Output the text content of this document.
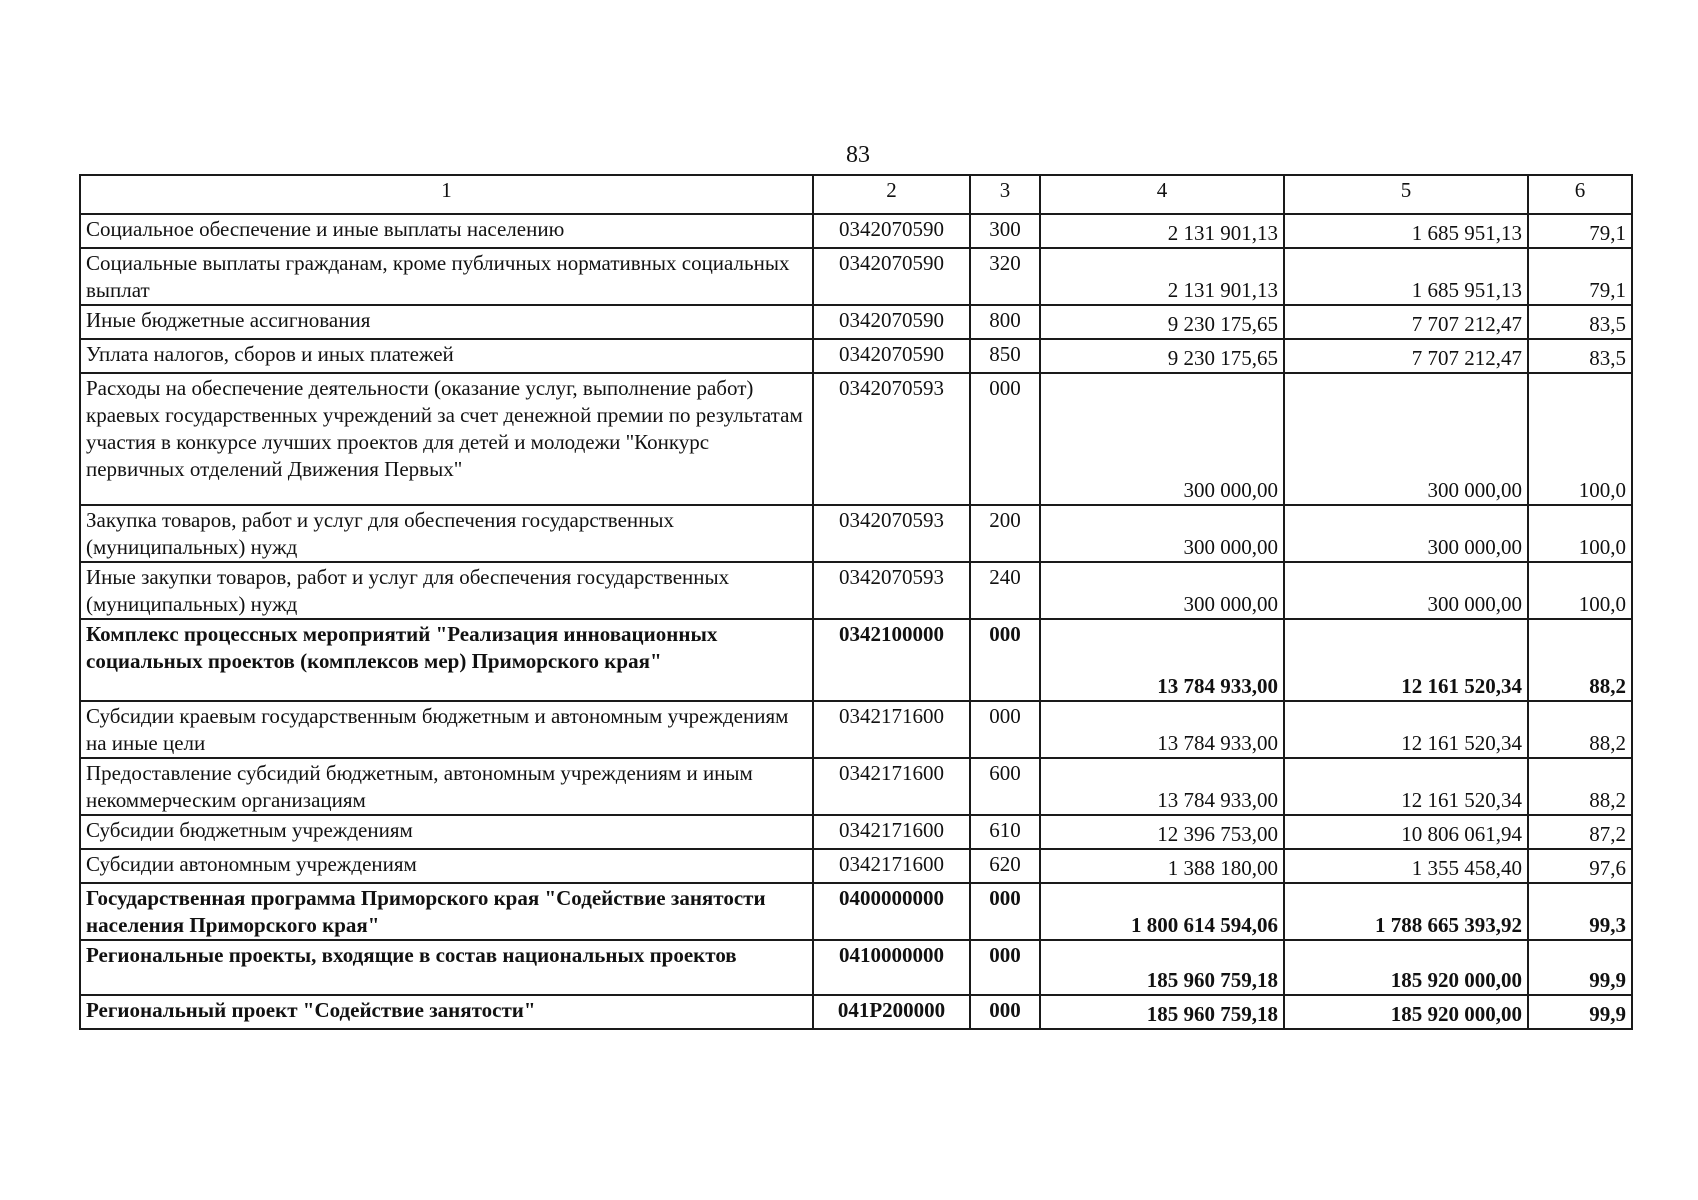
83
1	2	3	4	5	6
Социальное обеспечение и иные выплаты населению	0342070590	300	2 131 901,13	1 685 951,13	79,1
Социальные выплаты гражданам, кроме публичных нормативных социальных выплат	0342070590	320	2 131 901,13	1 685 951,13	79,1
Иные бюджетные ассигнования	0342070590	800	9 230 175,65	7 707 212,47	83,5
Уплата налогов, сборов и иных платежей	0342070590	850	9 230 175,65	7 707 212,47	83,5
Расходы на обеспечение деятельности (оказание услуг, выполнение работ) краевых государственных учреждений за счет денежной премии по результатам участия в конкурсе лучших проектов для детей и молодежи "Конкурс первичных отделений Движения Первых"	0342070593	000	300 000,00	300 000,00	100,0
Закупка товаров, работ и услуг для обеспечения государственных (муниципальных) нужд	0342070593	200	300 000,00	300 000,00	100,0
Иные закупки товаров, работ и услуг для обеспечения государственных (муниципальных) нужд	0342070593	240	300 000,00	300 000,00	100,0
Комплекс процессных мероприятий "Реализация инновационных социальных проектов (комплексов мер) Приморского края"	0342100000	000	13 784 933,00	12 161 520,34	88,2
Субсидии краевым государственным бюджетным и автономным учреждениям на иные цели	0342171600	000	13 784 933,00	12 161 520,34	88,2
Предоставление субсидий бюджетным, автономным учреждениям и иным некоммерческим организациям	0342171600	600	13 784 933,00	12 161 520,34	88,2
Субсидии бюджетным учреждениям	0342171600	610	12 396 753,00	10 806 061,94	87,2
Субсидии автономным учреждениям	0342171600	620	1 388 180,00	1 355 458,40	97,6
Государственная программа Приморского края "Содействие занятости населения Приморского края"	0400000000	000	1 800 614 594,06	1 788 665 393,92	99,3
Региональные проекты, входящие в состав национальных проектов	0410000000	000	185 960 759,18	185 920 000,00	99,9
Региональный проект "Содействие занятости"	041P200000	000	185 960 759,18	185 920 000,00	99,9
